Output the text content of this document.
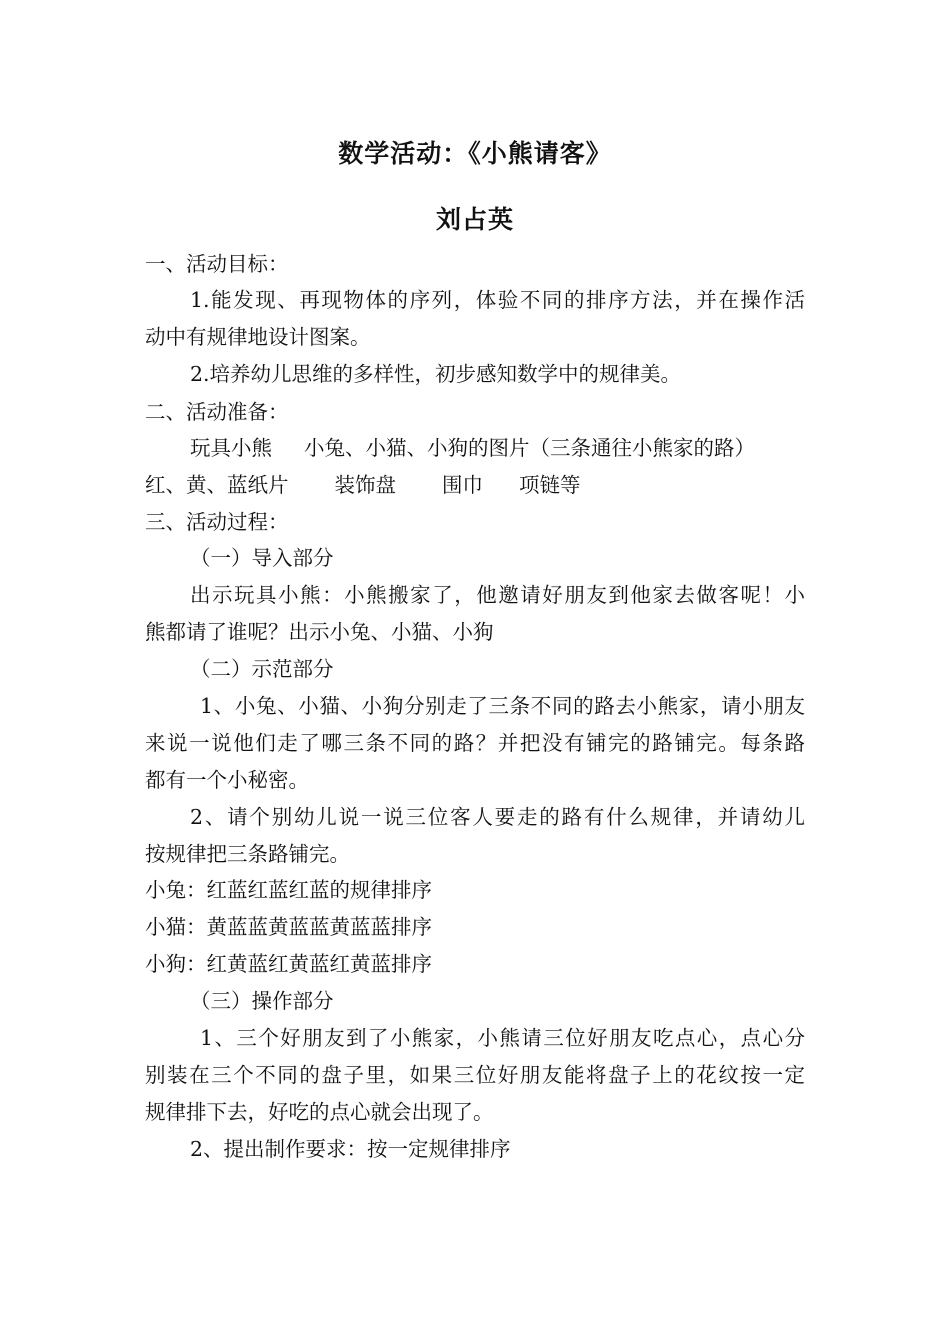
数学活动：《小熊请客》
刘占英
一、活动目标：
1.能发现、再现物体的序列，体验不同的排序方法，并在操作活
动中有规律地设计图案。
2.培养幼儿思维的多样性，初步感知数学中的规律美。
二、活动准备：
玩具小熊 小兔、小猫、小狗的图片（三条通往小熊家的路）
红、黄、蓝纸片 装饰盘 围巾 项链等
三、活动过程：
（一）导入部分
出示玩具小熊：小熊搬家了，他邀请好朋友到他家去做客呢！小
熊都请了谁呢？出示小兔、小猫、小狗
（二）示范部分
1、小兔、小猫、小狗分别走了三条不同的路去小熊家，请小朋友
来说一说他们走了哪三条不同的路？并把没有铺完的路铺完。每条路
都有一个小秘密。
2、请个别幼儿说一说三位客人要走的路有什么规律，并请幼儿
按规律把三条路铺完。
小兔：红蓝红蓝红蓝的规律排序
小猫：黄蓝蓝黄蓝蓝黄蓝蓝排序
小狗：红黄蓝红黄蓝红黄蓝排序
（三）操作部分
1、三个好朋友到了小熊家，小熊请三位好朋友吃点心，点心分
别装在三个不同的盘子里，如果三位好朋友能将盘子上的花纹按一定
规律排下去，好吃的点心就会出现了。
2、提出制作要求：按一定规律排序
